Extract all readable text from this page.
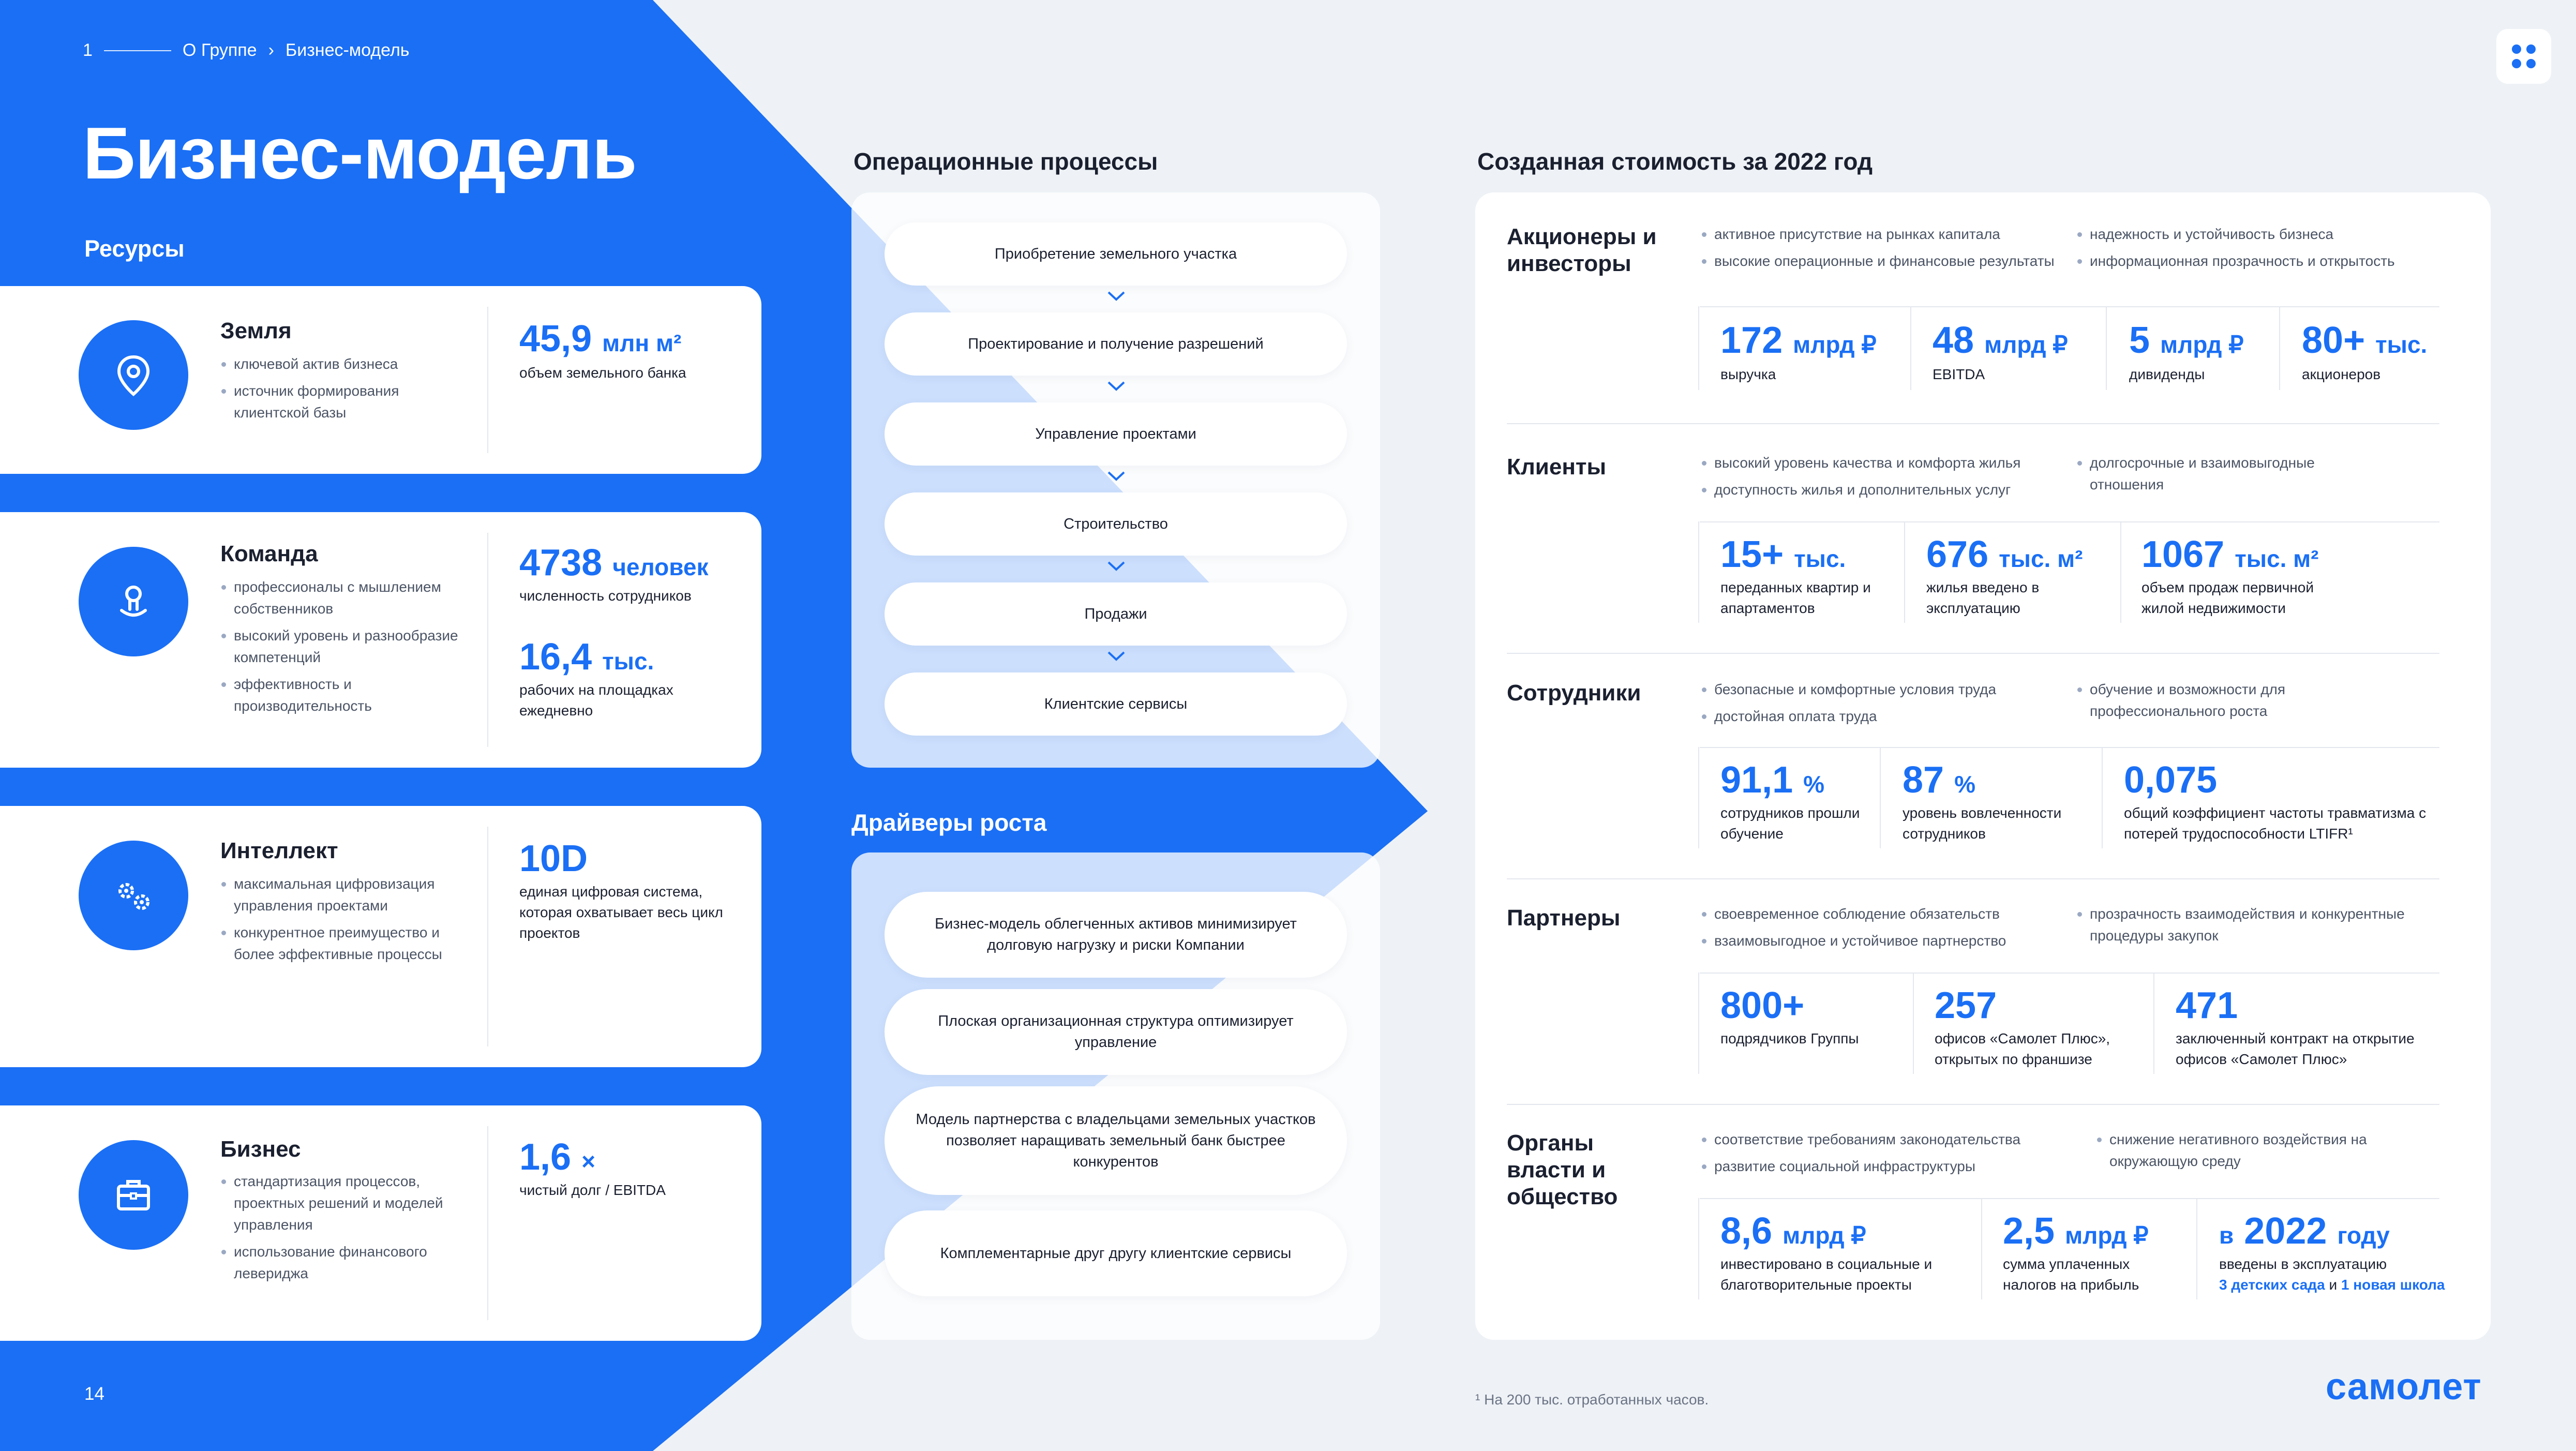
1	О Группе › Бизнес-модель
Бизнес-модель
Ресурсы
Земля
ключевой актив бизнеса
источник формирования клиентской базы
45,9 млн м²
объем земельного банка
Команда
профессионалы с мышлением собственников
высокий уровень и разнообразие компетенций
эффективность и производительность
4738 человек
численность сотрудников
16,4 тыс.
рабочих на площадках ежедневно
Интеллект
максимальная цифровизация управления проектами
конкурентное преимущество и более эффективные процессы
10D
единая цифровая система, которая охватывает весь цикл проектов
Бизнес
стандартизация процессов, проектных решений и моделей управления
использование финансового левериджа
1,6 ×
чистый долг / EBITDA
14
Операционные процессы
Приобретение земельного участка
Проектирование и получение разрешений
Управление проектами
Строительство
Продажи
Клиентские сервисы
Драйверы роста
Бизнес-модель облегченных активов минимизирует долговую нагрузку и риски Компании
Плоская организационная структура оптимизирует управление
Модель партнерства с владельцами земельных участков позволяет наращивать земельный банк быстрее конкурентов
Комплементарные друг другу клиентские сервисы
Созданная стоимость за 2022 год
Акционеры и инвесторы
активное присутствие на рынках капитала
высокие операционные и финансовые результаты
надежность и устойчивость бизнеса
информационная прозрачность и открытость
172 млрд ₽
выручка
48 млрд ₽
EBITDA
5 млрд ₽
дивиденды
80+ тыс.
акционеров
Клиенты	высокий уровень качества и комфорта жилья
доступность жилья и дополнительных услуг
долгосрочные и взаимовыгодные отношения
15+ тыс.
переданных квартир и апартаментов
676 тыс. м²
жилья введено в эксплуатацию
1067 тыс. м²
объем продаж первичной жилой недвижимости
Сотрудники	безопасные и комфортные условия труда
достойная оплата труда
обучение и возможности для профессионального роста
91,1 %
сотрудников прошли обучение
87 %
уровень вовлеченности сотрудников
0,075
общий коэффициент частоты травматизма с потерей трудоспособности LTIFR¹
Партнеры	своевременное соблюдение обязательств
взаимовыгодное и устойчивое партнерство
прозрачность взаимодействия и конкурентные процедуры закупок
800+
подрядчиков Группы
257
офисов «Самолет Плюс», открытых по франшизе
471
заключенный контракт на открытие офисов «Самолет Плюс»
Органы власти и общество
соответствие требованиям законодательства
развитие социальной инфраструктуры
снижение негативного воздействия на окружающую среду
8,6 млрд ₽
инвестировано в социальные и благотворительные проекты
2,5 млрд ₽
сумма уплаченных налогов на прибыль
в 2022 году
введены в эксплуатацию
3 детских сада и 1 новая школа
¹ На 200 тыс. отработанных часов.	самолет
